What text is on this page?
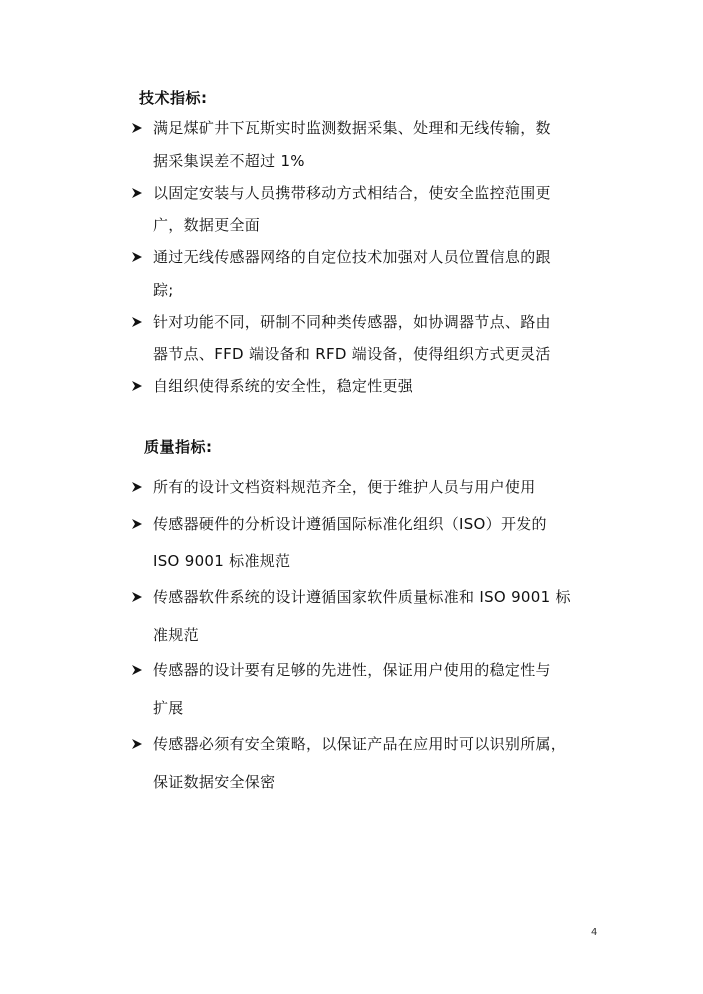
技术指标:
满足煤矿井下瓦斯实时监测数据采集、处理和无线传输，数
据采集误差不超过 1%
以固定安装与人员携带移动方式相结合，使安全监控范围更
广，数据更全面
通过无线传感器网络的自定位技术加强对人员位置信息的跟
踪;
针对功能不同，研制不同种类传感器，如协调器节点、路由
器节点、FFD 端设备和 RFD 端设备，使得组织方式更灵活
自组织使得系统的安全性，稳定性更强
质量指标:
所有的设计文档资料规范齐全，便于维护人员与用户使用
传感器硬件的分析设计遵循国际标准化组织（ISO）开发的
ISO 9001 标准规范
传感器软件系统的设计遵循国家软件质量标准和 ISO 9001 标
准规范
传感器的设计要有足够的先进性，保证用户使用的稳定性与
扩展
传感器必须有安全策略，以保证产品在应用时可以识别所属，
保证数据安全保密
4
